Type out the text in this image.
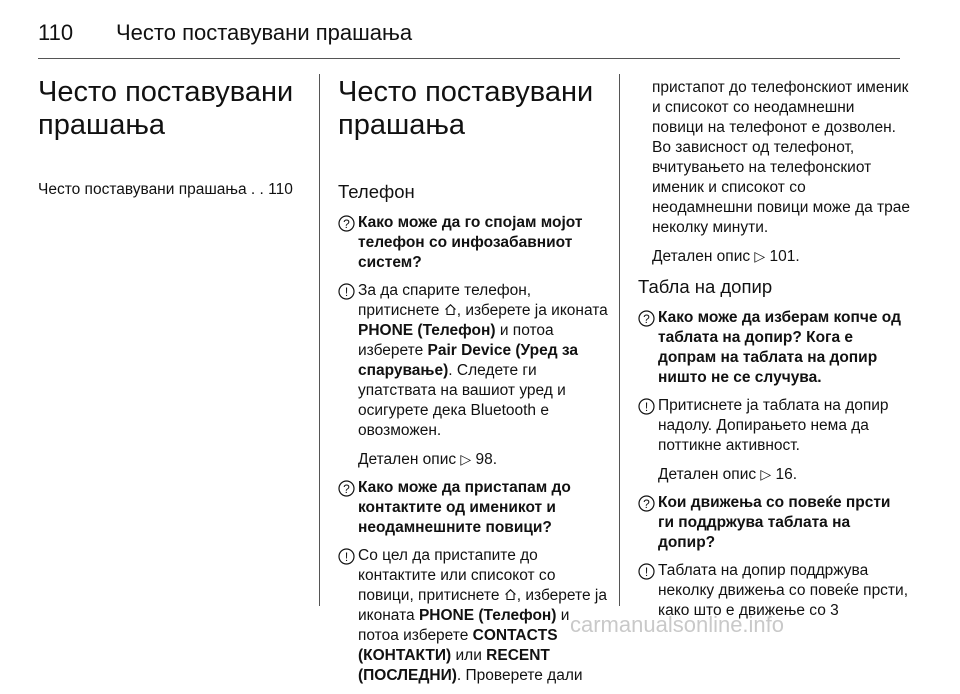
110 Често поставувани прашања
Често поставувани прашања
Често поставувани прашања . . 110
Често поставувани прашања
Телефон
? Како може да го спојам мојот телефон со инфозабавниот систем?
! За да спарите телефон, притиснете , изберете ја иконата PHONE (Телефон) и потоа изберете Pair Device (Уред за спарување). Следете ги упатствата на вашиот уред и осигурете дека Bluetooth е овозможен.

Детален опис ▷ 98.

? Како може да пристапам до контактите од именикот и неодамнешните повици?
! Со цел да пристапите до контактите или списокот со повици, притиснете , изберете ја иконата PHONE (Телефон) и потоа изберете CONTACTS (КОНТАКТИ) или RECENT (ПОСЛЕДНИ). Проверете дали

пристапот до телефонскиот именик и списокот со неодамнешни повици на телефонот е дозволен. Во зависност од телефонот, вчитувањето на телефонскиот именик и списокот со неодамнешни повици може да трае неколку минути.

Детален опис ▷ 101.

Табла на допир
? Како може да изберам копче од таблата на допир? Кога е допрам на таблата на допир ништо не се случува.
! Притиснете ја таблата на допир надолу. Допирањето нема да поттикне активност.

Детален опис ▷ 16.

? Кои движења со повеќе прсти ги поддржува таблата на допир?
! Таблата на допир поддржува неколку движења со повеќе прсти, како што е движење со 3
carmanualsonline.info
